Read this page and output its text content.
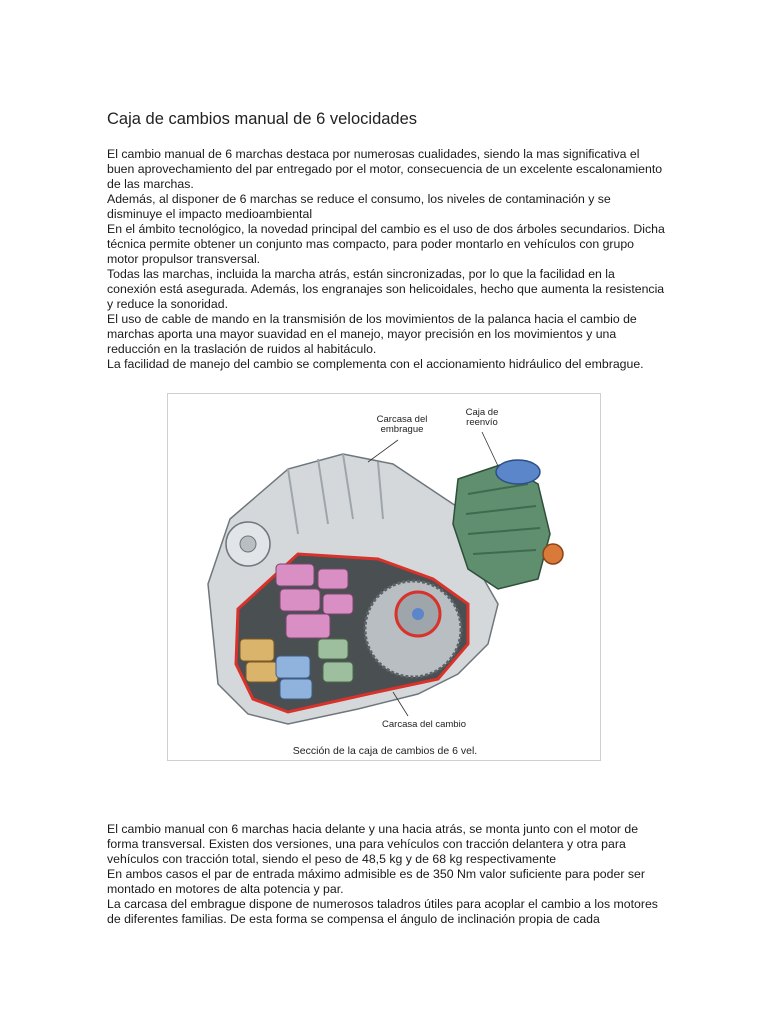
Caja de cambios manual de 6 velocidades

El cambio manual de 6 marchas destaca por numerosas cualidades, siendo la mas significativa el buen aprovechamiento del par entregado por el motor, consecuencia de un excelente escalonamiento de las marchas.

Además, al disponer de 6 marchas se reduce el consumo, los niveles de contaminación y se disminuye el impacto medioambiental

En el ámbito tecnológico, la novedad principal del cambio es el uso de dos árboles secundarios. Dicha técnica permite obtener un conjunto mas compacto, para poder montarlo en vehículos con grupo motor propulsor transversal.

Todas las marchas, incluida la marcha atrás, están sincronizadas, por lo que la facilidad en la conexión está asegurada. Además, los engranajes son helicoidales, hecho que aumenta la resistencia y reduce la sonoridad.

El uso de cable de mando en la transmisión de los movimientos de la palanca hacia el cambio de marchas aporta una mayor suavidad en el manejo, mayor precisión en los movimientos y una reducción en la traslación de ruidos al habitáculo.

La facilidad de manejo del cambio se complementa con el accionamiento hidráulico del embrague.

Carcasa del
embrague
Caja de
reenvío
Carcasa del cambio
Sección de la caja de cambios de 6 vel.

El cambio manual con 6 marchas hacia delante y una hacia atrás, se monta junto con el motor de forma transversal. Existen dos versiones, una para vehículos con tracción delantera y otra para vehículos con tracción total, siendo el peso de 48,5 kg y de 68 kg respectivamente

En ambos casos el par de entrada máximo admisible es de 350 Nm valor suficiente para poder ser montado en motores de alta potencia y par.

La carcasa del embrague dispone de numerosos taladros útiles para acoplar el cambio a los motores de diferentes familias. De esta forma se compensa el ángulo de inclinación propia de cada
